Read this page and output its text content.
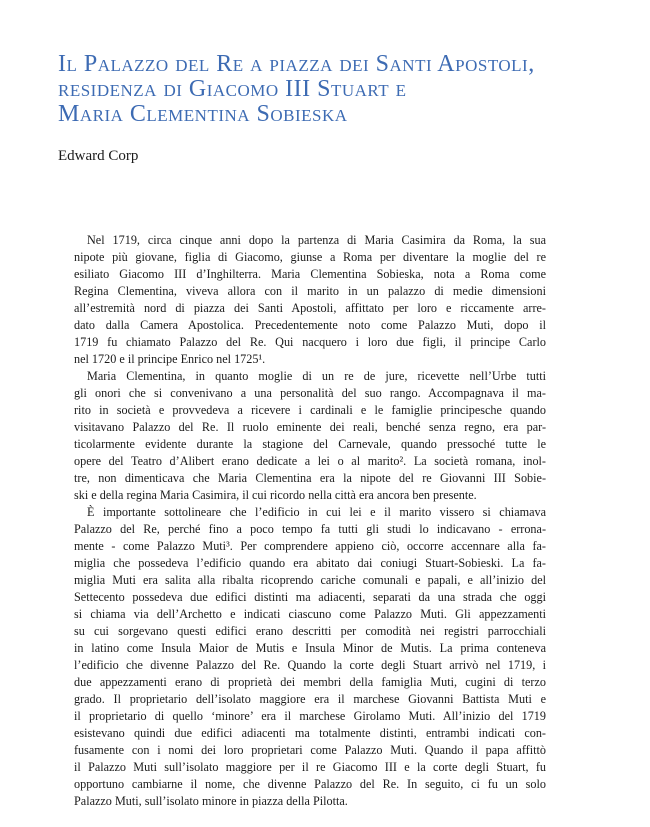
Il Palazzo del Re a piazza dei Santi Apostoli,
residenza di Giacomo III Stuart e
Maria Clementina Sobieska
Edward Corp
Nel 1719, circa cinque anni dopo la partenza di Maria Casimira da Roma, la sua
nipote più giovane, figlia di Giacomo, giunse a Roma per diventare la moglie del re
esiliato Giacomo III d’Inghilterra. Maria Clementina Sobieska, nota a Roma come
Regina Clementina, viveva allora con il marito in un palazzo di medie dimensioni
all’estremità nord di piazza dei Santi Apostoli, affittato per loro e riccamente arre-
dato dalla Camera Apostolica. Precedentemente noto come Palazzo Muti, dopo il
1719 fu chiamato Palazzo del Re. Qui nacquero i loro due figli, il principe Carlo
nel 1720 e il principe Enrico nel 1725¹.
Maria Clementina, in quanto moglie di un re de jure, ricevette nell’Urbe tutti
gli onori che si convenivano a una personalità del suo rango. Accompagnava il ma-
rito in società e provvedeva a ricevere i cardinali e le famiglie principesche quando
visitavano Palazzo del Re. Il ruolo eminente dei reali, benché senza regno, era par-
ticolarmente evidente durante la stagione del Carnevale, quando pressoché tutte le
opere del Teatro d’Alibert erano dedicate a lei o al marito². La società romana, inol-
tre, non dimenticava che Maria Clementina era la nipote del re Giovanni III Sobie-
ski e della regina Maria Casimira, il cui ricordo nella città era ancora ben presente.
È importante sottolineare che l’edificio in cui lei e il marito vissero si chiamava
Palazzo del Re, perché fino a poco tempo fa tutti gli studi lo indicavano - errona-
mente - come Palazzo Muti³. Per comprendere appieno ciò, occorre accennare alla fa-
miglia che possedeva l’edificio quando era abitato dai coniugi Stuart-Sobieski. La fa-
miglia Muti era salita alla ribalta ricoprendo cariche comunali e papali, e all’inizio del
Settecento possedeva due edifici distinti ma adiacenti, separati da una strada che oggi
si chiama via dell’Archetto e indicati ciascuno come Palazzo Muti. Gli appezzamenti
su cui sorgevano questi edifici erano descritti per comodità nei registri parrocchiali
in latino come Insula Maior de Mutis e Insula Minor de Mutis. La prima conteneva
l’edificio che divenne Palazzo del Re. Quando la corte degli Stuart arrivò nel 1719, i
due appezzamenti erano di proprietà dei membri della famiglia Muti, cugini di terzo
grado. Il proprietario dell’isolato maggiore era il marchese Giovanni Battista Muti e
il proprietario di quello ‘minore’ era il marchese Girolamo Muti. All’inizio del 1719
esistevano quindi due edifici adiacenti ma totalmente distinti, entrambi indicati con-
fusamente con i nomi dei loro proprietari come Palazzo Muti. Quando il papa affittò
il Palazzo Muti sull’isolato maggiore per il re Giacomo III e la corte degli Stuart, fu
opportuno cambiarne il nome, che divenne Palazzo del Re. In seguito, ci fu un solo
Palazzo Muti, sull’isolato minore in piazza della Pilotta.
